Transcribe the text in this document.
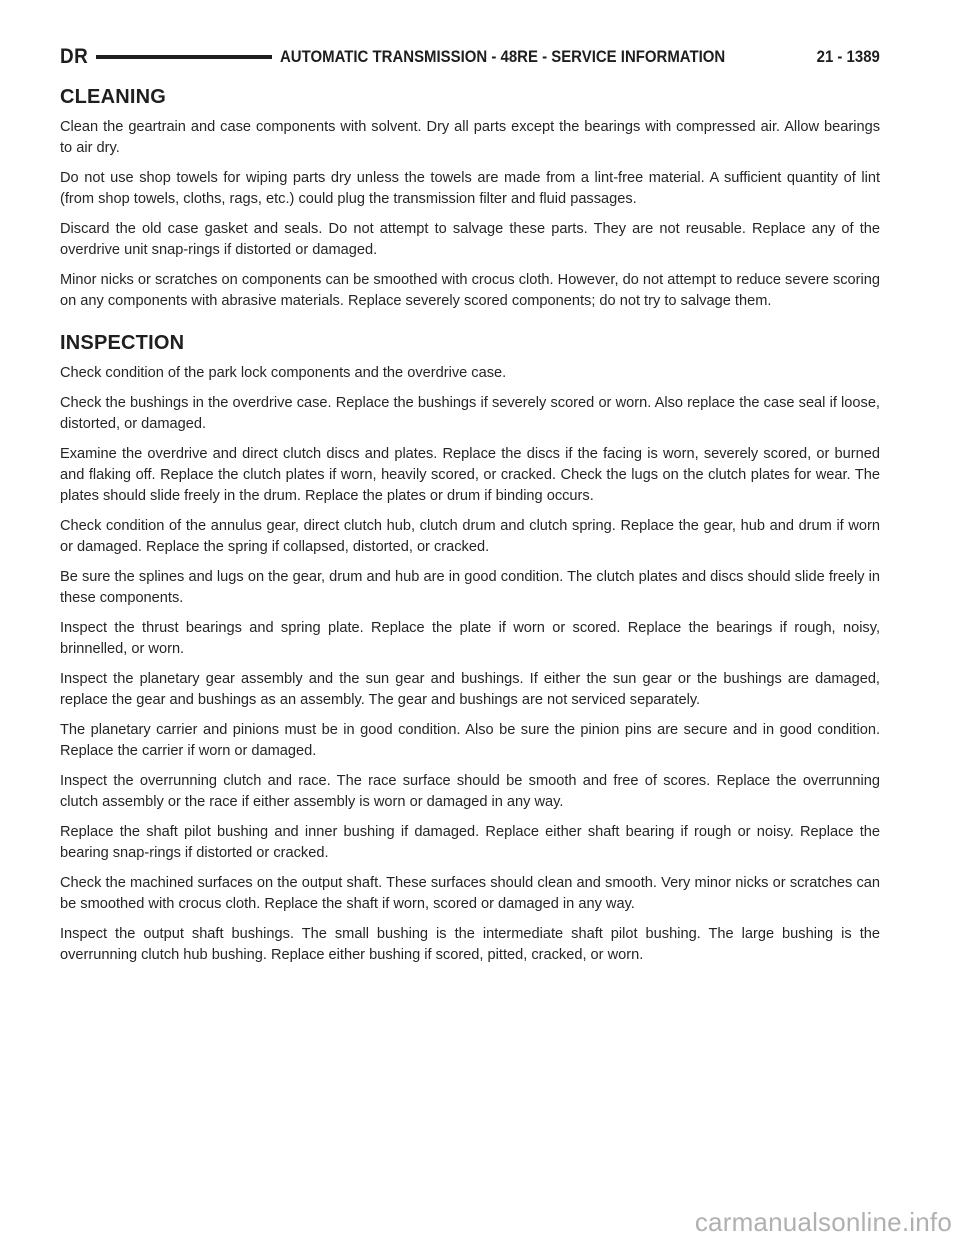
DR	AUTOMATIC TRANSMISSION - 48RE - SERVICE INFORMATION	21 - 1389
CLEANING

Clean the geartrain and case components with solvent. Dry all parts except the bearings with compressed air. Allow bearings to air dry.

Do not use shop towels for wiping parts dry unless the towels are made from a lint-free material. A sufficient quantity of lint (from shop towels, cloths, rags, etc.) could plug the transmission filter and fluid passages.

Discard the old case gasket and seals. Do not attempt to salvage these parts. They are not reusable. Replace any of the overdrive unit snap-rings if distorted or damaged.

Minor nicks or scratches on components can be smoothed with crocus cloth. However, do not attempt to reduce severe scoring on any components with abrasive materials. Replace severely scored components; do not try to salvage them.

INSPECTION

Check condition of the park lock components and the overdrive case.

Check the bushings in the overdrive case. Replace the bushings if severely scored or worn. Also replace the case seal if loose, distorted, or damaged.

Examine the overdrive and direct clutch discs and plates. Replace the discs if the facing is worn, severely scored, or burned and flaking off. Replace the clutch plates if worn, heavily scored, or cracked. Check the lugs on the clutch plates for wear. The plates should slide freely in the drum. Replace the plates or drum if binding occurs.

Check condition of the annulus gear, direct clutch hub, clutch drum and clutch spring. Replace the gear, hub and drum if worn or damaged. Replace the spring if collapsed, distorted, or cracked.

Be sure the splines and lugs on the gear, drum and hub are in good condition. The clutch plates and discs should slide freely in these components.

Inspect the thrust bearings and spring plate. Replace the plate if worn or scored. Replace the bearings if rough, noisy, brinnelled, or worn.

Inspect the planetary gear assembly and the sun gear and bushings. If either the sun gear or the bushings are damaged, replace the gear and bushings as an assembly. The gear and bushings are not serviced separately.

The planetary carrier and pinions must be in good condition. Also be sure the pinion pins are secure and in good condition. Replace the carrier if worn or damaged.

Inspect the overrunning clutch and race. The race surface should be smooth and free of scores. Replace the overrunning clutch assembly or the race if either assembly is worn or damaged in any way.

Replace the shaft pilot bushing and inner bushing if damaged. Replace either shaft bearing if rough or noisy. Replace the bearing snap-rings if distorted or cracked.

Check the machined surfaces on the output shaft. These surfaces should clean and smooth. Very minor nicks or scratches can be smoothed with crocus cloth. Replace the shaft if worn, scored or damaged in any way.

Inspect the output shaft bushings. The small bushing is the intermediate shaft pilot bushing. The large bushing is the overrunning clutch hub bushing. Replace either bushing if scored, pitted, cracked, or worn.

carmanualsonline.info
